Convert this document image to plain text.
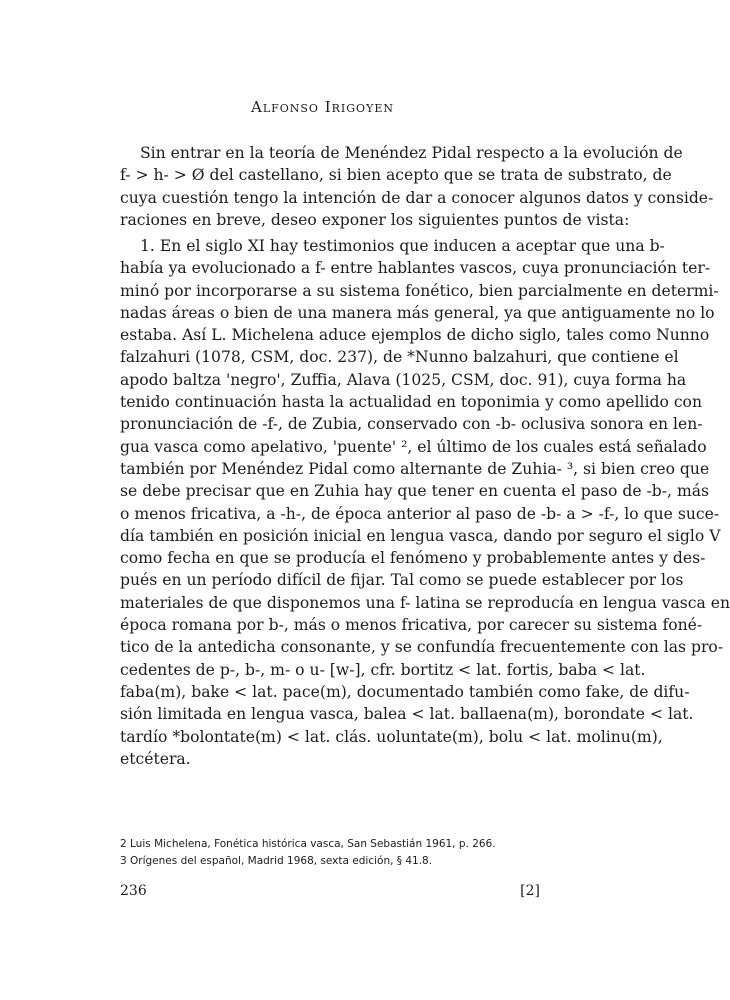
Alfonso Irigoyen
Sin entrar en la teoría de Menéndez Pidal respecto a la evolución de
f- > h- > Ø del castellano, si bien acepto que se trata de substrato, de
cuya cuestión tengo la intención de dar a conocer algunos datos y conside-
raciones en breve, deseo exponer los siguientes puntos de vista:
1. En el siglo XI hay testimonios que inducen a aceptar que una b-
había ya evolucionado a f- entre hablantes vascos, cuya pronunciación ter-
minó por incorporarse a su sistema fonético, bien parcialmente en determi-
nadas áreas o bien de una manera más general, ya que antiguamente no lo
estaba. Así L. Michelena aduce ejemplos de dicho siglo, tales como Nunno
falzahuri (1078, CSM, doc. 237), de *Nunno balzahuri, que contiene el
apodo baltza 'negro', Zuffia, Alava (1025, CSM, doc. 91), cuya forma ha
tenido continuación hasta la actualidad en toponimia y como apellido con
pronunciación de -f-, de Zubia, conservado con -b- oclusiva sonora en len-
gua vasca como apelativo, 'puente' ², el último de los cuales está señalado
también por Menéndez Pidal como alternante de Zuhia- ³, si bien creo que
se debe precisar que en Zuhia hay que tener en cuenta el paso de -b-, más
o menos fricativa, a -h-, de época anterior al paso de -b- a > -f-, lo que suce-
día también en posición inicial en lengua vasca, dando por seguro el siglo V
como fecha en que se producía el fenómeno y probablemente antes y des-
pués en un período difícil de fijar. Tal como se puede establecer por los
materiales de que disponemos una f- latina se reproducía en lengua vasca en
época romana por b-, más o menos fricativa, por carecer su sistema foné-
tico de la antedicha consonante, y se confundía frecuentemente con las pro-
cedentes de p-, b-, m- o u- [w-], cfr. bortitz < lat. fortis, baba < lat.
faba(m), bake < lat. pace(m), documentado también como fake, de difu-
sión limitada en lengua vasca, balea < lat. ballaena(m), borondate < lat.
tardío *bolontate(m) < lat. clás. uoluntate(m), bolu < lat. molinu(m),
etcétera.
2 Luis Michelena, Fonética histórica vasca, San Sebastián 1961, p. 266.
3 Orígenes del español, Madrid 1968, sexta edición, § 41.8.
236	[2]
